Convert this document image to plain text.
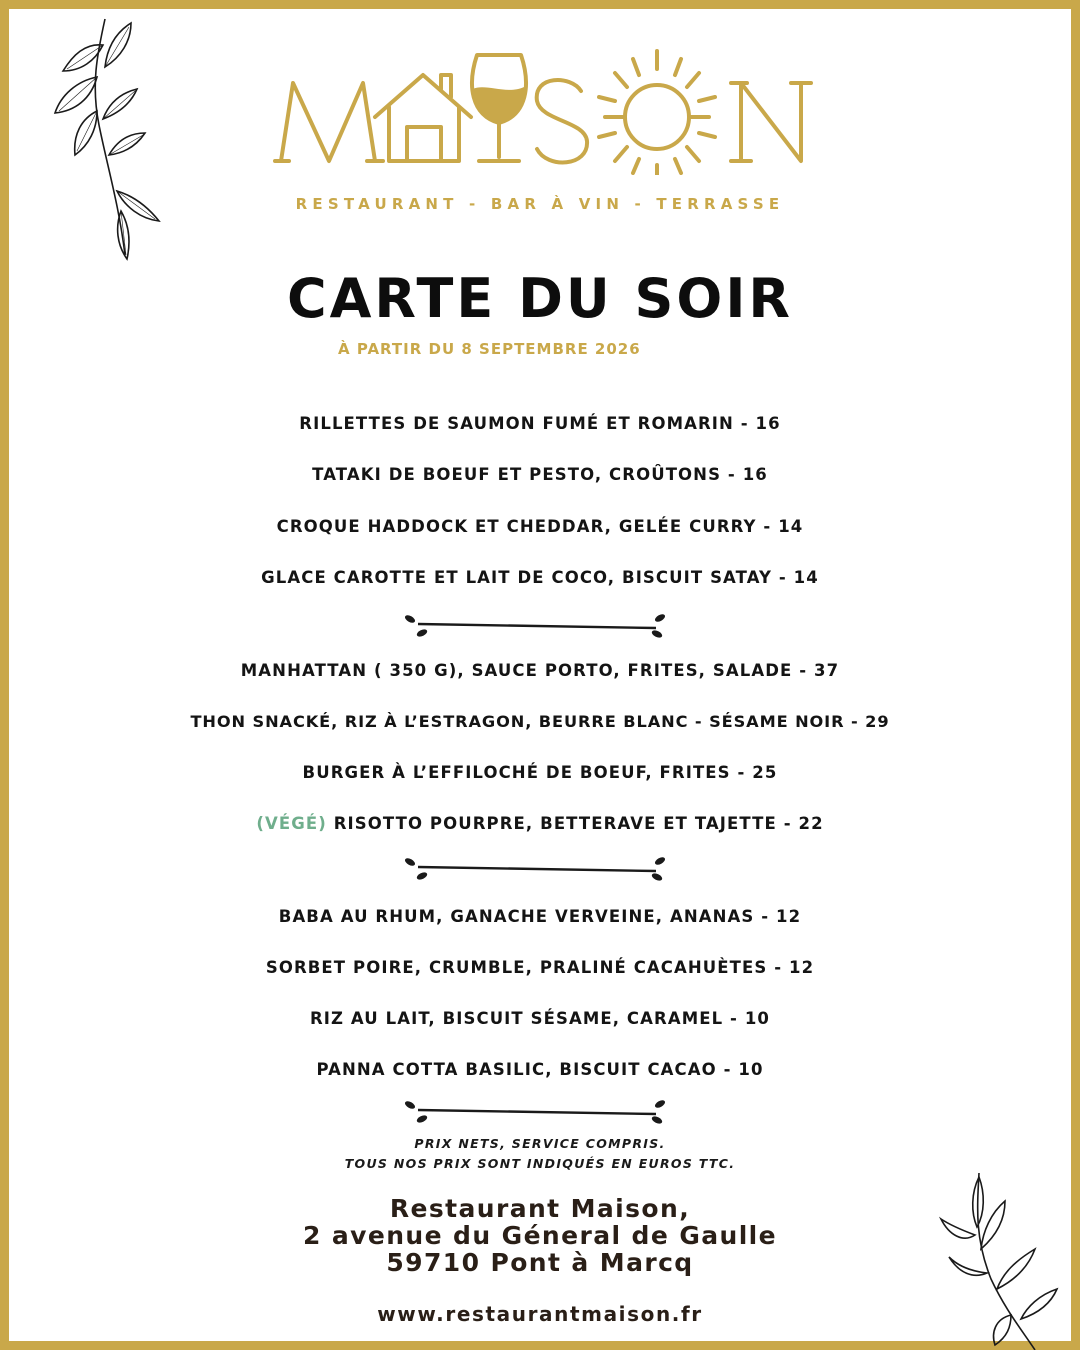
RESTAURANT - BAR À VIN - TERRASSE
CARTE DU SOIR
À PARTIR DU 8 SEPTEMBRE 2026
RILLETTES DE SAUMON FUMÉ ET ROMARIN - 16
TATAKI DE BOEUF ET PESTO, CROÛTONS - 16
CROQUE HADDOCK ET CHEDDAR, GELÉE CURRY - 14
GLACE CAROTTE ET LAIT DE COCO, BISCUIT SATAY - 14
MANHATTAN ( 350 G), SAUCE PORTO, FRITES, SALADE - 37
THON SNACKÉ, RIZ À L’ESTRAGON, BEURRE BLANC - SÉSAME NOIR - 29
BURGER À L’EFFILOCHÉ DE BOEUF, FRITES - 25
(VÉGÉ) RISOTTO POURPRE, BETTERAVE ET TAJETTE - 22
BABA AU RHUM, GANACHE VERVEINE, ANANAS - 12
SORBET POIRE, CRUMBLE, PRALINÉ CACAHUÈTES - 12
RIZ AU LAIT, BISCUIT SÉSAME, CARAMEL - 10
PANNA COTTA BASILIC, BISCUIT CACAO - 10
PRIX NETS, SERVICE COMPRIS.
TOUS NOS PRIX SONT INDIQUÉS EN EUROS TTC.
Restaurant Maison,
2 avenue du Géneral de Gaulle
59710 Pont à Marcq
www.restaurantmaison.fr
